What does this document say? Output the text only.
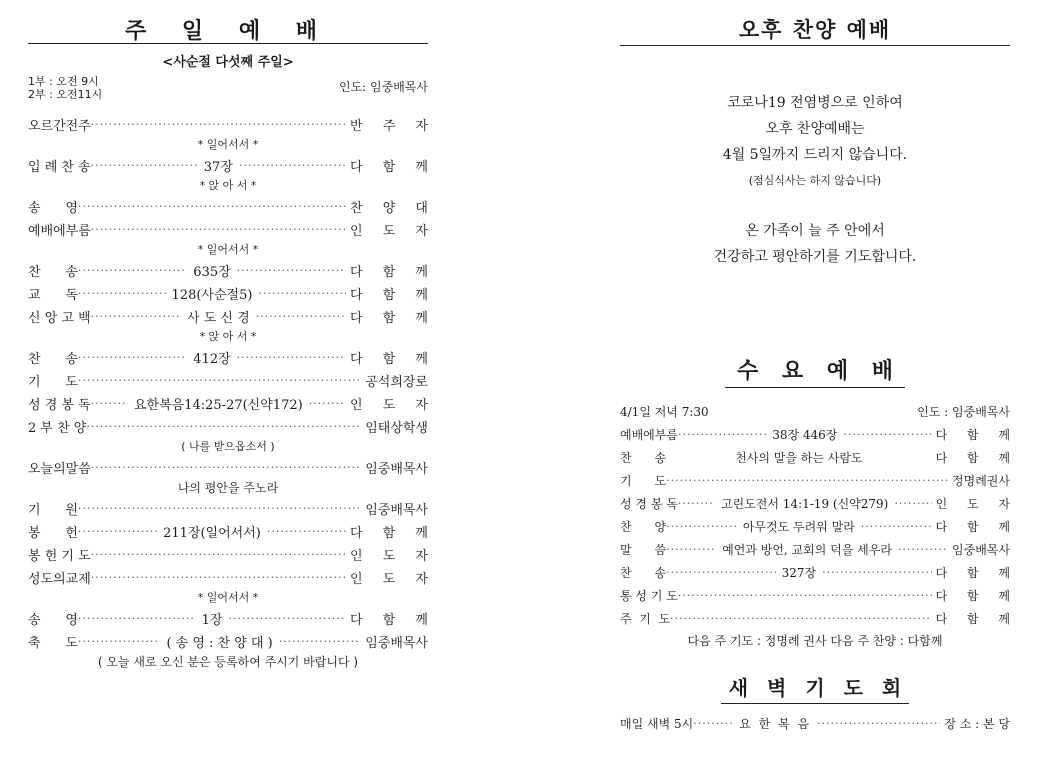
주 일 예 배
<사순절 다섯째 주일>
1부 : 오전 9시
2부 : 오전11시
인도: 임중배목사
오르간전주 ·····	반 주 자
* 일어서서 *
입 례 찬 송 ·····	37장 ·····	다 함 께
* 앉 아 서 *
송      영 ·····	찬 양 대
예배에부름 ·····	인 도 자
* 일어서서 *
찬      송 ·····	635장 ·····	다 함 께
교      독 ·····	128(사순절5) ·····	다 함 께
신 앙 고 백 ·····	사 도 신 경 ·····	다 함 께
* 앉 아 서 *
찬      송 ·····	412장 ·····	다 함 께
기      도 ·····	공석희장로
성 경 봉 독 ·····	요한복음14:25-27(신약172) ·····	인 도 자
2 부 찬 양 ·····	임태상학생
( 나를 받으옵소서 )
오늘의말씀 ·····	임중배목사
나의 평안을 주노라
기      원 ·····	임중배목사
봉      헌 ·····	211장(일어서서) ·····	다 함 께
봉 헌 기 도 ·····	인 도 자
성도의교제 ·····	인 도 자
* 일어서서 *
송      영 ·····	1장 ·····	다 함 께
축      도 ·····	( 송 영 : 찬 양 대 ) ·····	임중배목사
( 오늘 새로 오신 분은 등록하여 주시기 바랍니다 )
오후 찬양 예배
코로나19 전염병으로 인하여
오후 찬양예배는
4월 5일까지 드리지 않습니다.
(점심식사는 하지 않습니다)
온 가족이 늘 주 안에서
건강하고 평안하기를 기도합니다.
수 요 예 배
4/1일 저녁 7:30	인도 : 임중배목사
예배에부름 ·····	38장 446장 ·····	다 함 께
찬      송	천사의 말을 하는 사람도	다 함 께
기      도 ·····	정명례권사
성 경 봉 독 ·····	고린도전서 14:1-19 (신약279) ·····	인 도 자
찬      양 ·····	아무것도 두려워 말라 ·····	다 함 께
말      씀 ·····	예언과 방언, 교회의 덕을 세우라 ·····	임중배목사
찬      송 ·····	327장 ·····	다 함 께
통 성 기 도 ·····	다 함 께
주  기  도 ·····	다 함 께
다음 주 기도 : 정명례 권사 다음 주 찬양 : 다함께
새 벽 기 도 회
매일 새벽 5시 ·····	요 한 복 음 ·····	장 소 : 본 당
